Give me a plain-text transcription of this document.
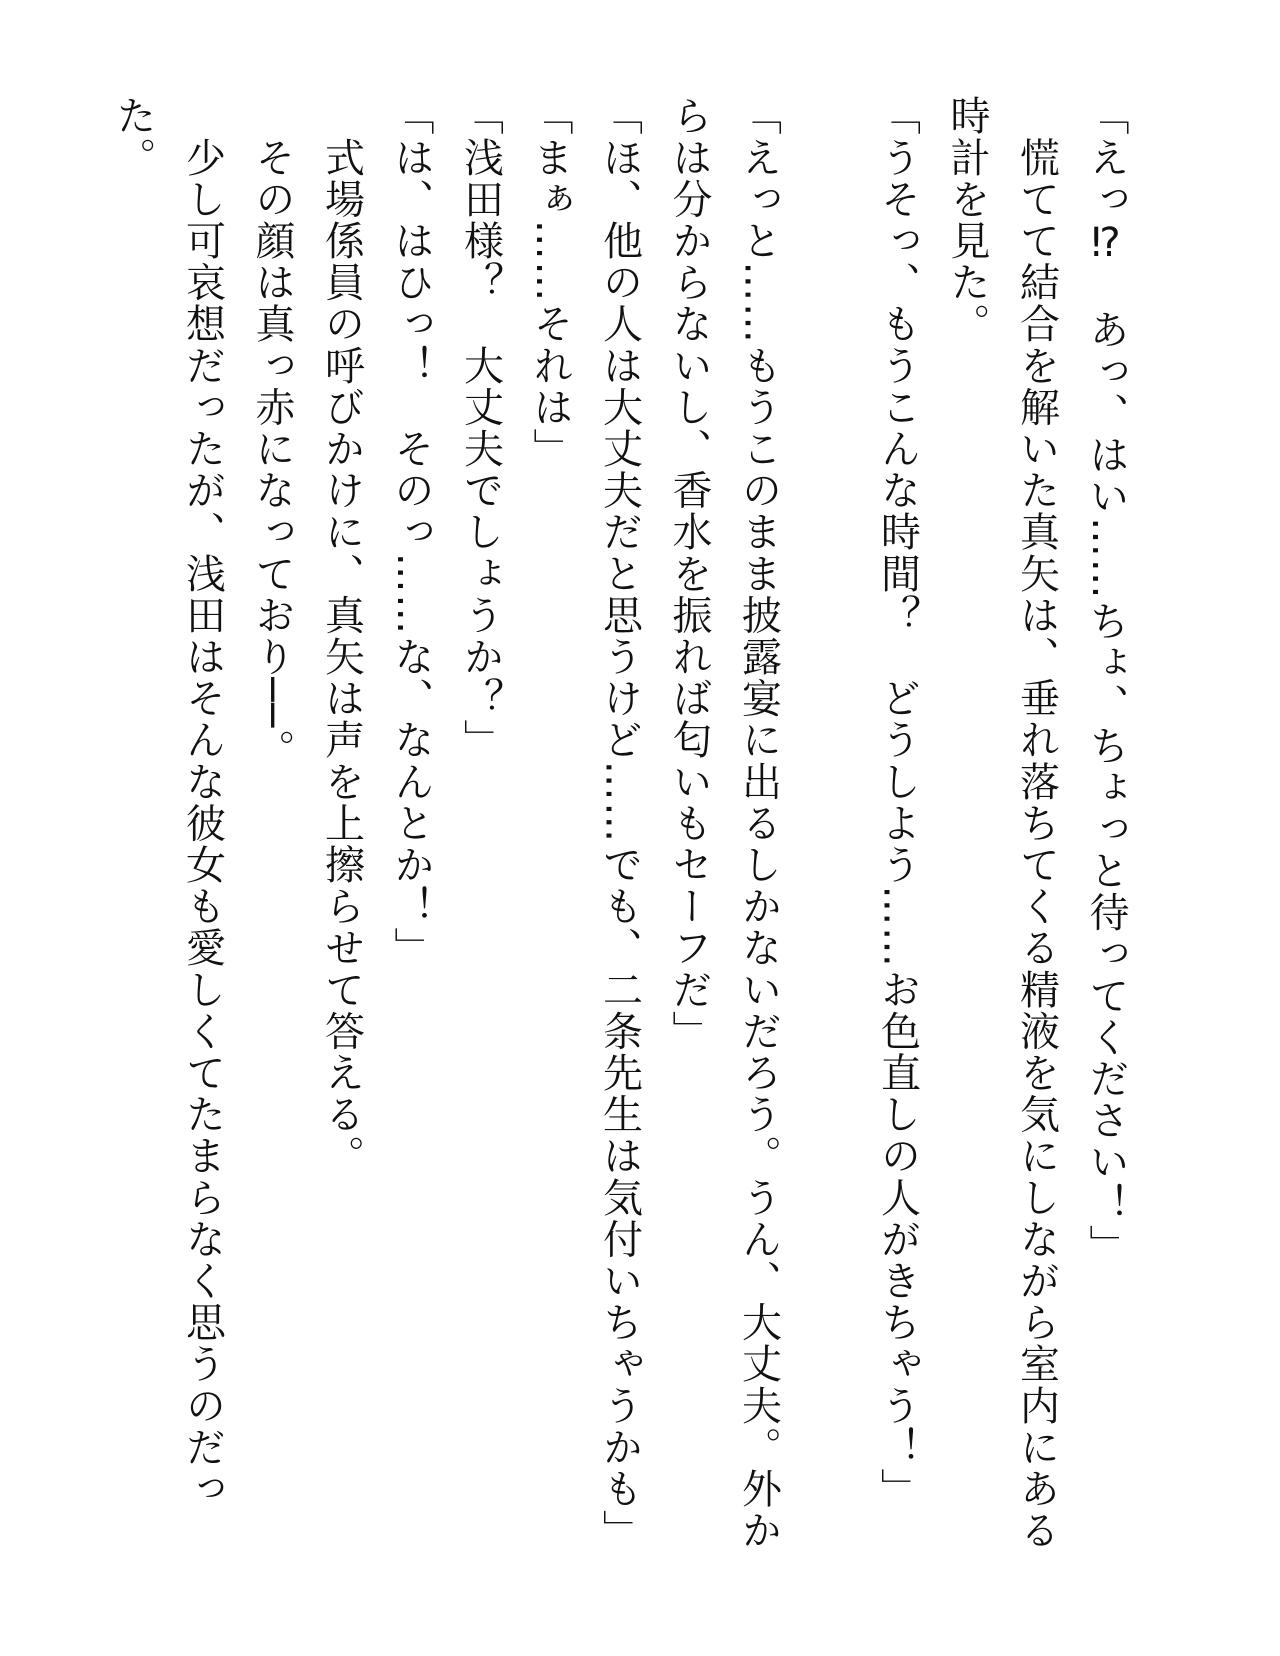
「えっ⁉　あっ、はい……ちょ、ちょっと待ってください！」
　慌てて結合を解いた真矢は、垂れ落ちてくる精液を気にしながら室内にある
時計を見た。
「うそっ、もうこんな時間？　どうしよう……お色直しの人がきちゃう！」

「えっと……もうこのまま披露宴に出るしかないだろう。うん、大丈夫。外か
らは分からないし、香水を振れば匂いもセーフだ」
「ほ、他の人は大丈夫だと思うけど……でも、二条先生は気付いちゃうかも」
「まぁ……それは」
「浅田様？　大丈夫でしょうか？」
「は、はひっ！　そのっ……な、なんとか！」
　式場係員の呼びかけに、真矢は声を上擦らせて答える。
　その顔は真っ赤になっており──。
　少し可哀想だったが、浅田はそんな彼女も愛しくてたまらなく思うのだっ
た。
